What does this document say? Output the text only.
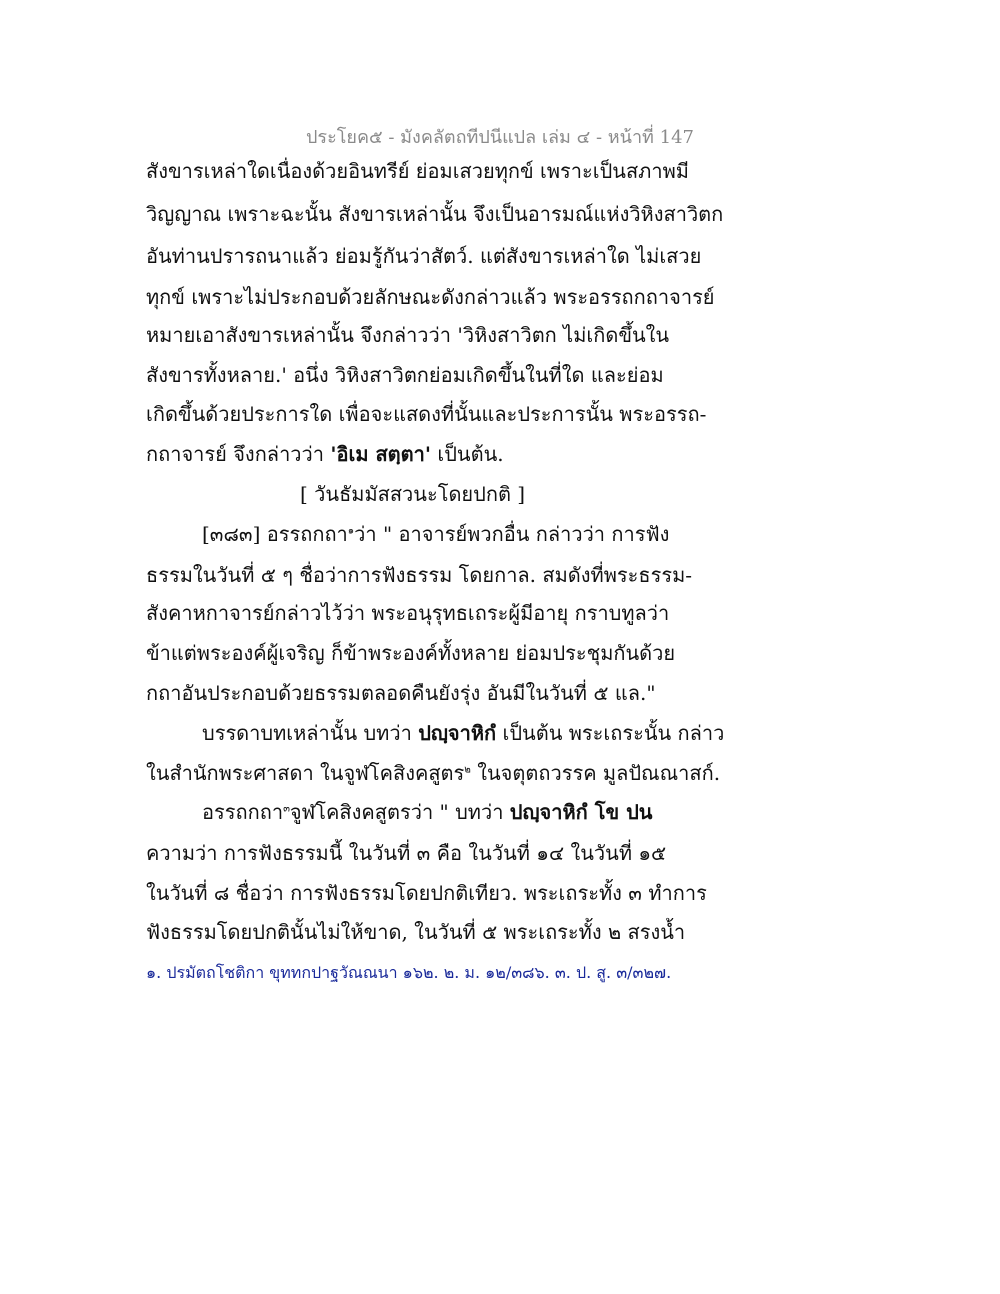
ประโยค๕ - มังคลัตถทีปนีแปล เล่ม ๔ - หน้าที่ 147
สังขารเหล่าใดเนื่องด้วยอินทรีย์ ย่อมเสวยทุกข์ เพราะเป็นสภาพมี
วิญญาณ เพราะฉะนั้น สังขารเหล่านั้น จึงเป็นอารมณ์แห่งวิหิงสาวิตก
อันท่านปรารถนาแล้ว ย่อมรู้กันว่าสัตว์. แต่สังขารเหล่าใด ไม่เสวย
ทุกข์ เพราะไม่ประกอบด้วยลักษณะดังกล่าวแล้ว พระอรรถกถาจารย์
หมายเอาสังขารเหล่านั้น จึงกล่าวว่า 'วิหิงสาวิตก ไม่เกิดขึ้นใน
สังขารทั้งหลาย.' อนึ่ง วิหิงสาวิตกย่อมเกิดขึ้นในที่ใด และย่อม
เกิดขึ้นด้วยประการใด เพื่อจะแสดงที่นั้นและประการนั้น พระอรรถ-
กถาจารย์ จึงกล่าวว่า 'อิเม สตฺตา' เป็นต้น.
[ วันธัมมัสสวนะโดยปกติ ]
[๓๘๓] อรรถกถา$^๑$ว่า " อาจารย์พวกอื่น กล่าวว่า การฟัง
ธรรมในวันที่ ๕ ๆ ชื่อว่าการฟังธรรม โดยกาล. สมดังที่พระธรรม-
สังคาหกาจารย์กล่าวไว้ว่า พระอนุรุทธเถระผู้มีอายุ กราบทูลว่า
ข้าแต่พระองค์ผู้เจริญ ก็ข้าพระองค์ทั้งหลาย ย่อมประชุมกันด้วย
กถาอันประกอบด้วยธรรมตลอดคืนยังรุ่ง อันมีในวันที่ ๕ แล."
บรรดาบทเหล่านั้น บทว่า ปญฺจาหิกํ เป็นต้น พระเถระนั้น กล่าว
ในสำนักพระศาสดา ในจูฬโคสิงคสูตร$^๒$ ในจตุตถวรรค มูลปัณณาสก์.
อรรถกถา$^๓$จูฬโคสิงคสูตรว่า " บทว่า ปญฺจาหิกํ โข ปน
ความว่า การฟังธรรมนี้ ในวันที่ ๓ คือ ในวันที่ ๑๔ ในวันที่ ๑๕
ในวันที่ ๘ ชื่อว่า การฟังธรรมโดยปกติเทียว. พระเถระทั้ง ๓ ทำการ
ฟังธรรมโดยปกตินั้นไม่ให้ขาด, ในวันที่ ๕ พระเถระทั้ง ๒ สรงน้ำ
๑. ปรมัตถโชติกา ขุททกปาฐวัณณนา ๑๖๒. ๒. ม. ๑๒/๓๘๖. ๓. ป. สู. ๓/๓๒๗.
